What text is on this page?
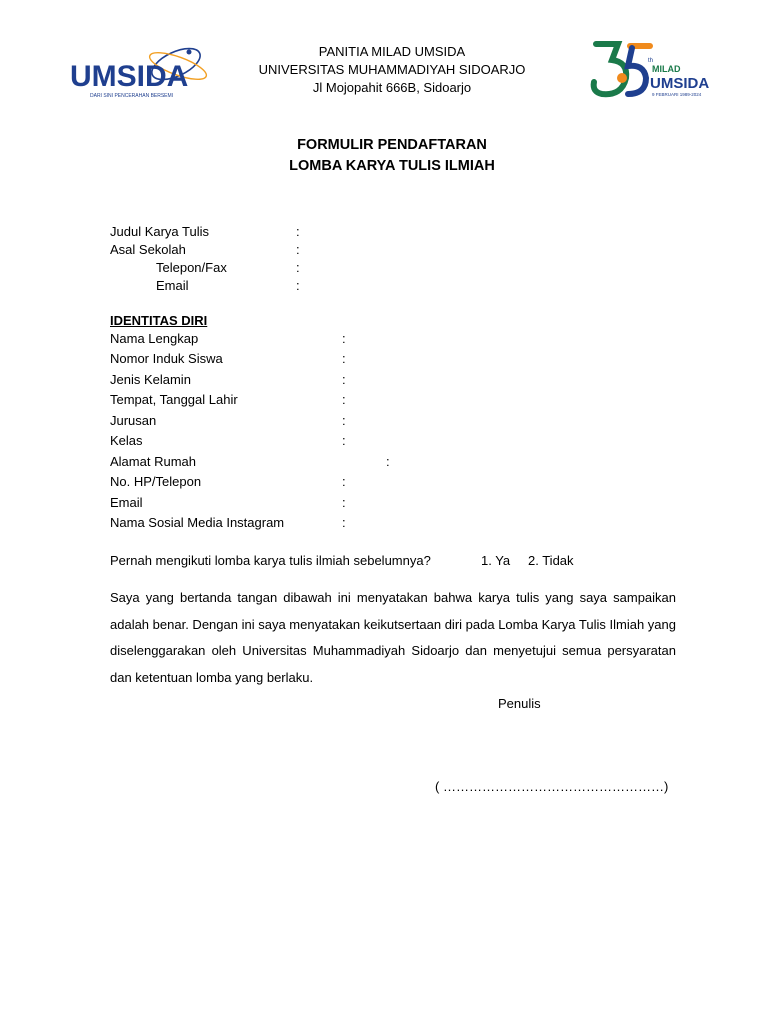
UMSIDA
DARI SINI PENCERAHAN BERSEMI
PANITIA MILAD UMSIDA
UNIVERSITAS MUHAMMADIYAH SIDOARJO
Jl Mojopahit 666B, Sidoarjo
th
MILAD
UMSIDA
9 FEBRUARI 1989-2024
FORMULIR PENDAFTARAN
LOMBA KARYA TULIS ILMIAH
Judul Karya Tulis	:
Asal Sekolah	:
Telepon/Fax	:
Email	:
IDENTITAS DIRI
Nama Lengkap	:
Nomor Induk Siswa	:
Jenis Kelamin	:
Tempat, Tanggal Lahir	:
Jurusan	:
Kelas	:
Alamat Rumah	:
No. HP/Telepon	:
Email	:
Nama Sosial Media Instagram	:
Pernah mengikuti lomba karya tulis ilmiah sebelumnya?	1. Ya 2. Tidak
Saya yang bertanda tangan dibawah ini menyatakan bahwa karya tulis yang saya sampaikan adalah benar. Dengan ini saya menyatakan keikutsertaan diri pada Lomba Karya Tulis Ilmiah yang diselenggarakan oleh Universitas Muhammadiyah Sidoarjo dan menyetujui semua persyaratan dan ketentuan lomba yang berlaku.
Penulis
( ……………………………………………)
